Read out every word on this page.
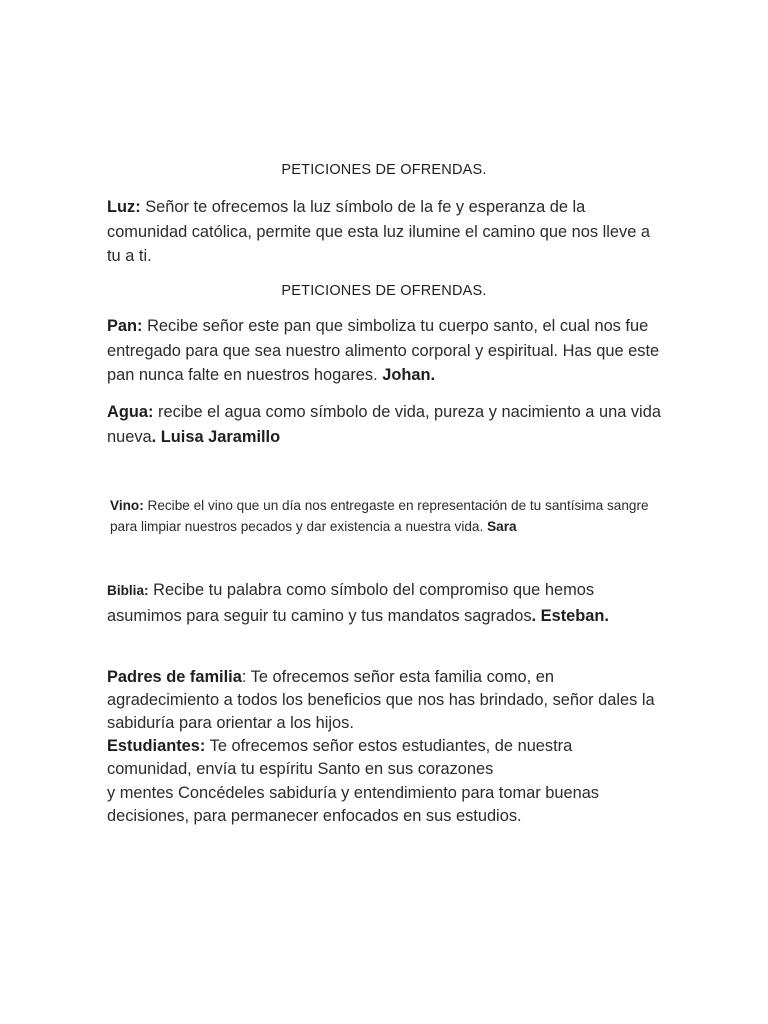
PETICIONES DE OFRENDAS.
Luz: Señor te ofrecemos la luz símbolo de la fe y esperanza de la comunidad católica, permite que esta luz ilumine el camino que nos lleve a tu a ti.
PETICIONES DE OFRENDAS.
Pan: Recibe señor este pan que simboliza tu cuerpo santo, el cual nos fue entregado para que sea nuestro alimento corporal y espiritual. Has que este pan nunca falte en nuestros hogares. Johan.
Agua: recibe el agua como símbolo de vida, pureza y nacimiento a una vida nueva. Luisa Jaramillo
Vino: Recibe el vino que un día nos entregaste en representación de tu santísima sangre para limpiar nuestros pecados y dar existencia a nuestra vida. Sara
Biblia: Recibe tu palabra como símbolo del compromiso que hemos asumimos para seguir tu camino y tus mandatos sagrados. Esteban.
Padres de familia: Te ofrecemos señor esta familia como, en agradecimiento a todos los beneficios que nos has brindado, señor dales la sabiduría para orientar a los hijos.
Estudiantes: Te ofrecemos señor estos estudiantes, de nuestra comunidad, envía tu espíritu Santo en sus corazones
y mentes Concédeles sabiduría y entendimiento para tomar buenas decisiones, para permanecer enfocados en sus estudios.
